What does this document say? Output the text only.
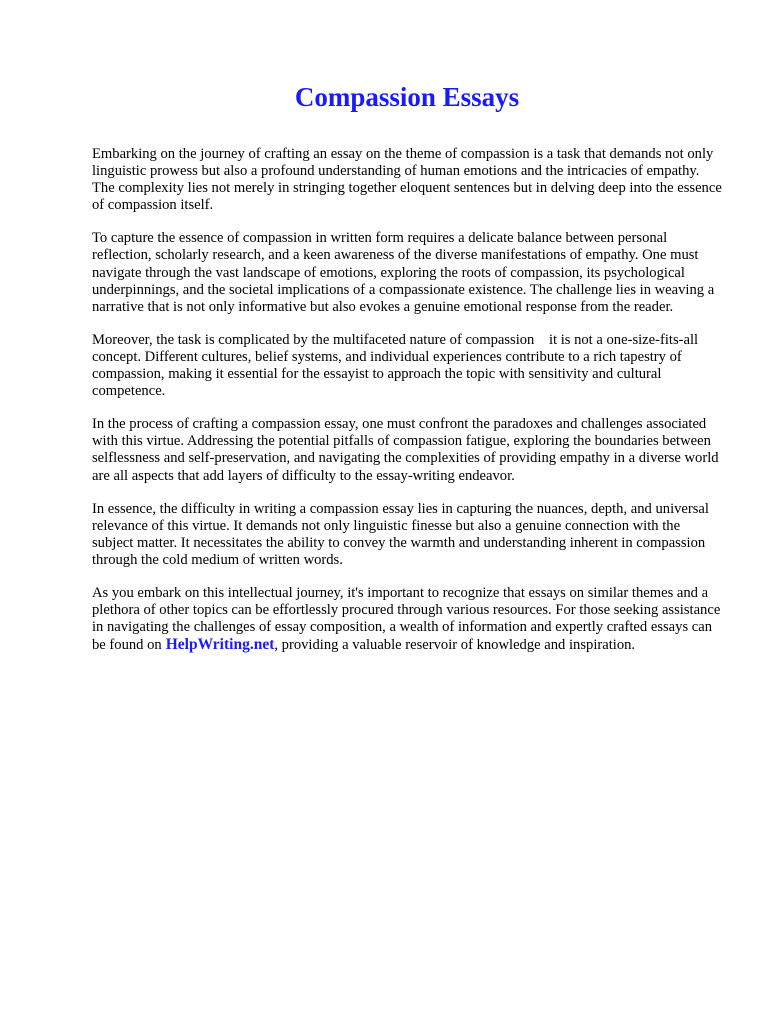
Compassion Essays

Embarking on the journey of crafting an essay on the theme of compassion is a task that demands not only linguistic prowess but also a profound understanding of human emotions and the intricacies of empathy. The complexity lies not merely in stringing together eloquent sentences but in delving deep into the essence of compassion itself.

To capture the essence of compassion in written form requires a delicate balance between personal reflection, scholarly research, and a keen awareness of the diverse manifestations of empathy. One must navigate through the vast landscape of emotions, exploring the roots of compassion, its psychological underpinnings, and the societal implications of a compassionate existence. The challenge lies in weaving a narrative that is not only informative but also evokes a genuine emotional response from the reader.

Moreover, the task is complicated by the multifaceted nature of compassion    it is not a one-size-fits-all concept. Different cultures, belief systems, and individual experiences contribute to a rich tapestry of compassion, making it essential for the essayist to approach the topic with sensitivity and cultural competence.

In the process of crafting a compassion essay, one must confront the paradoxes and challenges associated with this virtue. Addressing the potential pitfalls of compassion fatigue, exploring the boundaries between selflessness and self-preservation, and navigating the complexities of providing empathy in a diverse world are all aspects that add layers of difficulty to the essay-writing endeavor.

In essence, the difficulty in writing a compassion essay lies in capturing the nuances, depth, and universal relevance of this virtue. It demands not only linguistic finesse but also a genuine connection with the subject matter. It necessitates the ability to convey the warmth and understanding inherent in compassion through the cold medium of written words.

As you embark on this intellectual journey, it's important to recognize that essays on similar themes and a plethora of other topics can be effortlessly procured through various resources. For those seeking assistance in navigating the challenges of essay composition, a wealth of information and expertly crafted essays can be found on HelpWriting.net, providing a valuable reservoir of knowledge and inspiration.
